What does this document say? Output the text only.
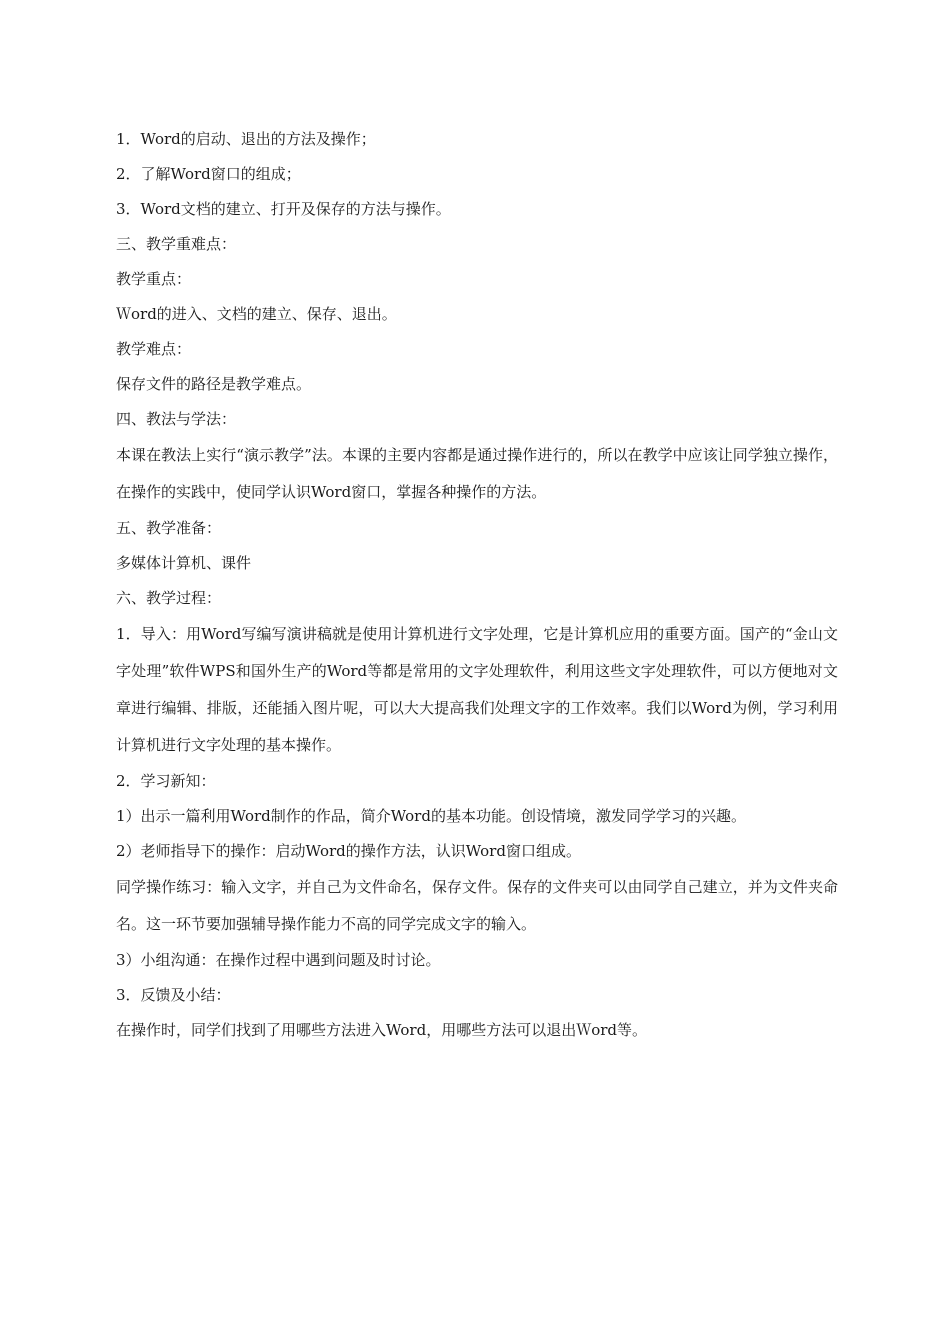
1．Word的启动、退出的方法及操作；

2．了解Word窗口的组成；

3．Word文档的建立、打开及保存的方法与操作。

三、教学重难点：

教学重点：

Ｗord的进入、文档的建立、保存、退出。

教学难点：

保存文件的路径是教学难点。

四、教法与学法：

本课在教法上实行“演示教学”法。本课的主要内容都是通过操作进行的，所以在教学中应该让同学独立操作，在操作的实践中，使同学认识Word窗口，掌握各种操作的方法。

五、教学准备：

多媒体计算机、课件

六、教学过程：

1．导入：用Word写编写演讲稿就是使用计算机进行文字处理，它是计算机应用的重要方面。国产的“金山文字处理”软件WPS和国外生产的Word等都是常用的文字处理软件，利用这些文字处理软件，可以方便地对文章进行编辑、排版，还能插入图片呢，可以大大提高我们处理文字的工作效率。我们以Word为例，学习利用计算机进行文字处理的基本操作。

2．学习新知：

1）出示一篇利用Word制作的作品，简介Word的基本功能。创设情境，激发同学学习的兴趣。

2）老师指导下的操作：启动Word的操作方法，认识Word窗口组成。

同学操作练习：输入文字，并自己为文件命名，保存文件。保存的文件夹可以由同学自己建立，并为文件夹命名。这一环节要加强辅导操作能力不高的同学完成文字的输入。

3）小组沟通：在操作过程中遇到问题及时讨论。

3．反馈及小结：

在操作时，同学们找到了用哪些方法进入Word，用哪些方法可以退出Ｗord等。
